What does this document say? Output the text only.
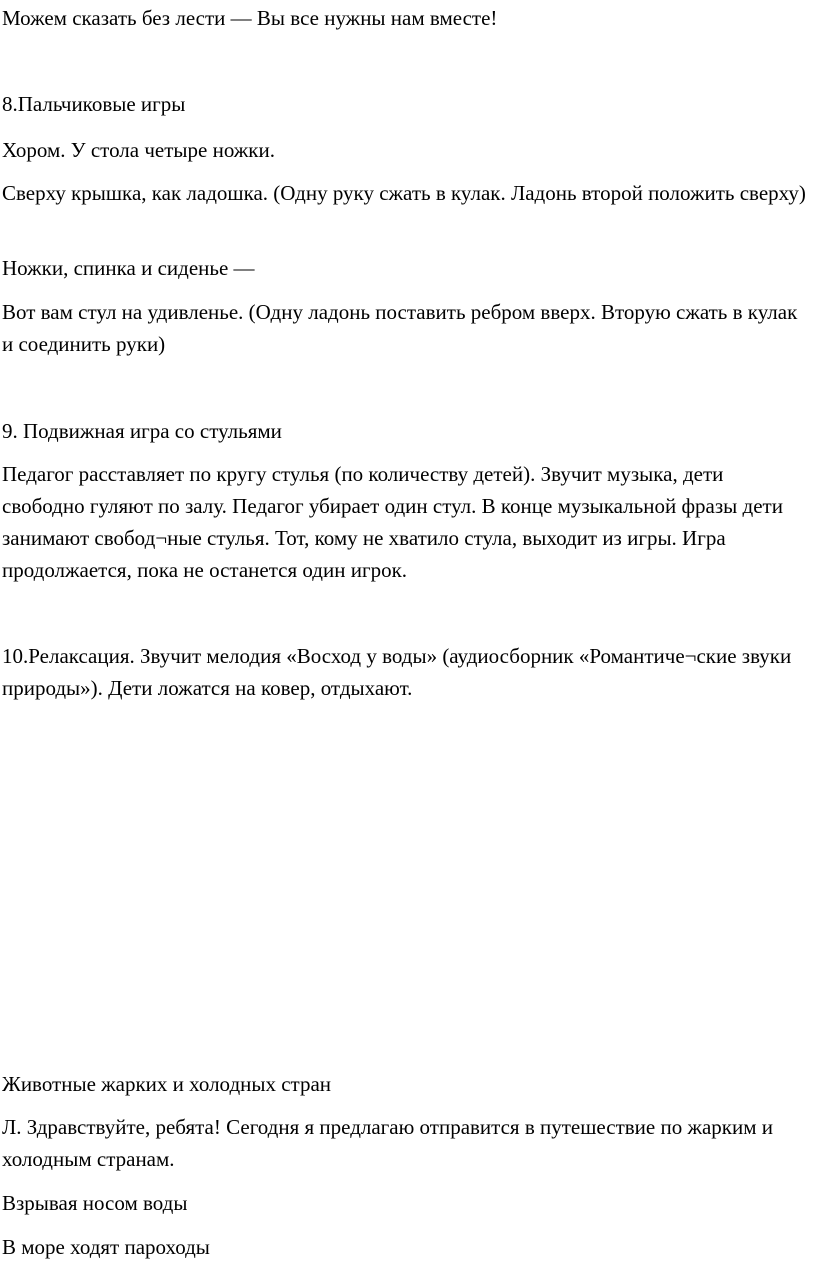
Можем сказать без лести — Вы все нужны нам вместе!

8.Пальчиковые игры

Хором. У стола четыре ножки.

Сверху крышка, как ладошка. (Одну руку сжать в кулак. Ладонь второй положить сверху)

Ножки, спинка и сиденье —

Вот вам стул на удивленье. (Одну ладонь поставить ребром вверх. Вторую сжать в кулак и соединить руки)

9. Подвижная игра со стульями

Педагог расставляет по кругу стулья (по количеству детей). Звучит музыка, дети свободно гуляют по залу. Педагог убирает один стул. В конце музыкальной фразы дети занимают свобод¬ные стулья. Тот, кому не хватило стула, выходит из игры. Игра продолжается, пока не останется один игрок.

10.Релаксация. Звучит мелодия «Восход у воды» (аудиосборник «Романтиче¬ские звуки природы»). Дети ложатся на ковер, отдыхают.

Животные жарких и холодных стран

Л. Здравствуйте, ребята! Сегодня я предлагаю отправится в путешествие по жарким и холодным странам.

Взрывая носом воды

В море ходят пароходы
